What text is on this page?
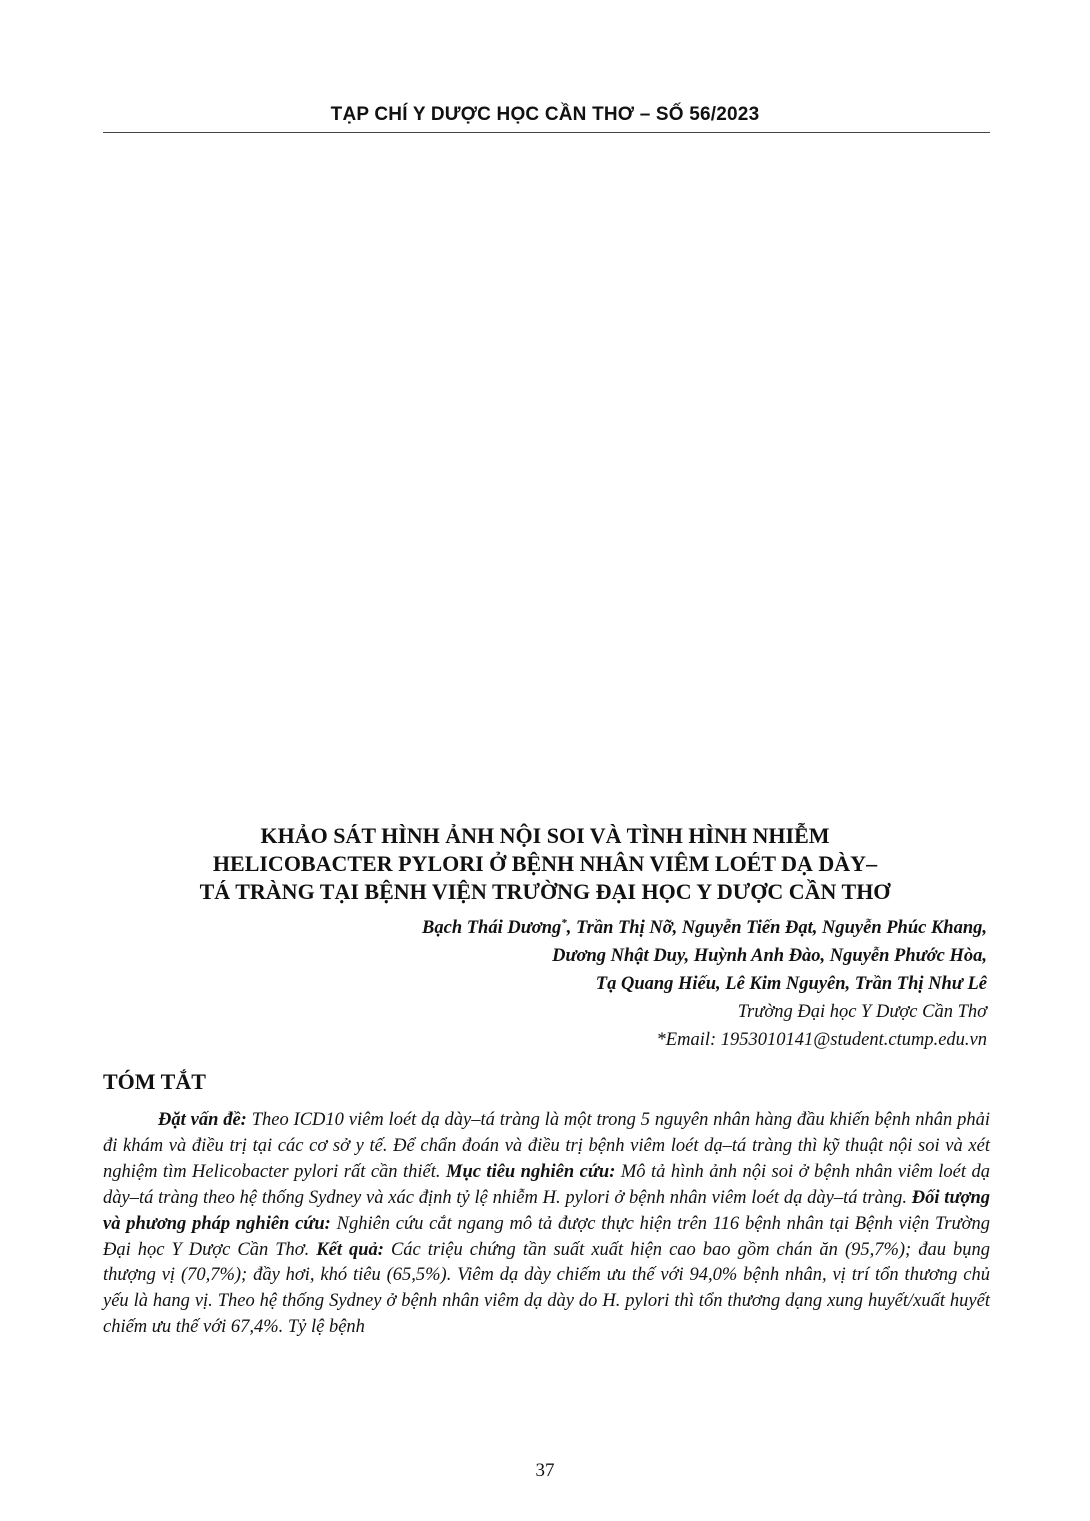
TẠP CHÍ Y DƯỢC HỌC CẦN THƠ – SỐ 56/2023
KHẢO SÁT HÌNH ẢNH NỘI SOI VÀ TÌNH HÌNH NHIỄM
HELICOBACTER PYLORI Ở BỆNH NHÂN VIÊM LOÉT DẠ DÀY–
TÁ TRÀNG TẠI BỆNH VIỆN TRƯỜNG ĐẠI HỌC Y DƯỢC CẦN THƠ
Bạch Thái Dương*, Trần Thị Nỡ, Nguyễn Tiến Đạt, Nguyễn Phúc Khang,
Dương Nhật Duy, Huỳnh Anh Đào, Nguyễn Phước Hòa,
Tạ Quang Hiếu, Lê Kim Nguyên, Trần Thị Như Lê
Trường Đại học Y Dược Cần Thơ
*Email: 1953010141@student.ctump.edu.vn
TÓM TẮT
Đặt vấn đề: Theo ICD10 viêm loét dạ dày–tá tràng là một trong 5 nguyên nhân hàng đầu khiến bệnh nhân phải đi khám và điều trị tại các cơ sở y tế. Để chẩn đoán và điều trị bệnh viêm loét dạ–tá tràng thì kỹ thuật nội soi và xét nghiệm tìm Helicobacter pylori rất cần thiết. Mục tiêu nghiên cứu: Mô tả hình ảnh nội soi ở bệnh nhân viêm loét dạ dày–tá tràng theo hệ thống Sydney và xác định tỷ lệ nhiễm H. pylori ở bệnh nhân viêm loét dạ dày–tá tràng. Đối tượng và phương pháp nghiên cứu: Nghiên cứu cắt ngang mô tả được thực hiện trên 116 bệnh nhân tại Bệnh viện Trường Đại học Y Dược Cần Thơ. Kết quả: Các triệu chứng tần suất xuất hiện cao bao gồm chán ăn (95,7%); đau bụng thượng vị (70,7%); đầy hơi, khó tiêu (65,5%). Viêm dạ dày chiếm ưu thế với 94,0% bệnh nhân, vị trí tổn thương chủ yếu là hang vị. Theo hệ thống Sydney ở bệnh nhân viêm dạ dày do H. pylori thì tổn thương dạng xung huyết/xuất huyết chiếm ưu thế với 67,4%. Tỷ lệ bệnh
37
